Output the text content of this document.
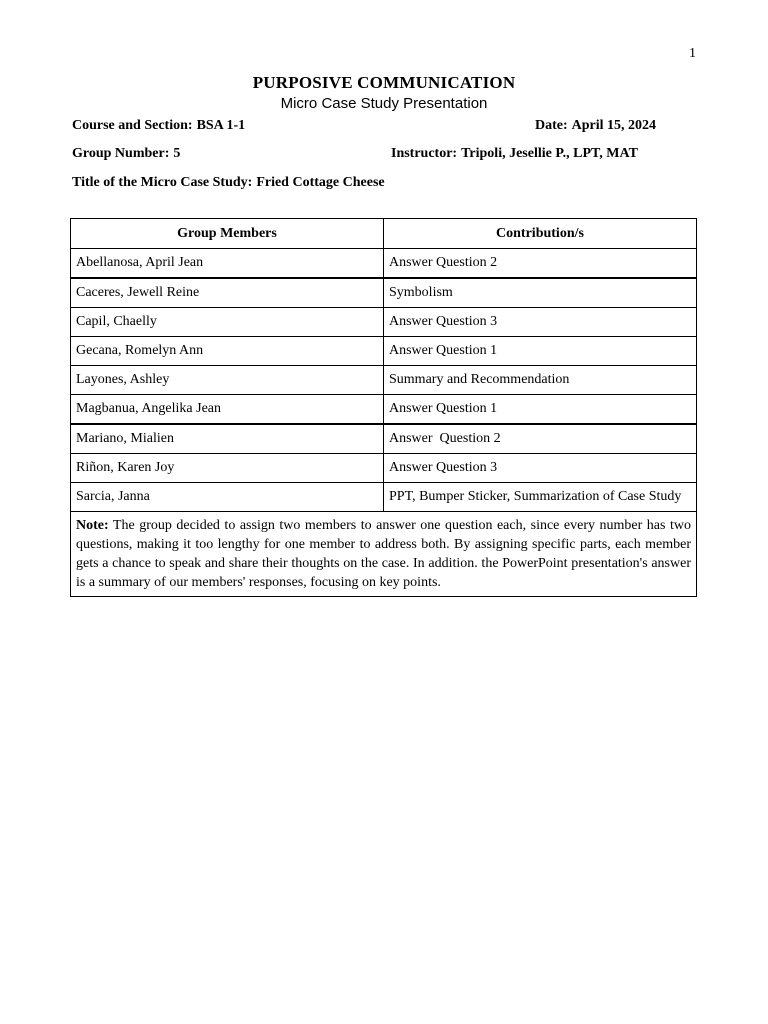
1
PURPOSIVE COMMUNICATION
Micro Case Study Presentation
Course and Section: BSA 1-1	Date: April 15, 2024
Group Number: 5	Instructor: Tripoli, Jesellie P., LPT, MAT
Title of the Micro Case Study: Fried Cottage Cheese
Group Members	Contribution/s
Abellanosa, April Jean	Answer Question 2
Caceres, Jewell Reine	Symbolism
Capil, Chaelly	Answer Question 3
Gecana, Romelyn Ann	Answer Question 1
Layones, Ashley	Summary and Recommendation
Magbanua, Angelika Jean	Answer Question 1
Mariano, Mialien	Answer  Question 2
Riñon, Karen Joy	Answer Question 3
Sarcia, Janna	PPT, Bumper Sticker, Summarization of Case Study
Note: The group decided to assign two members to answer one question each, since every number has two questions, making it too lengthy for one member to address both. By assigning specific parts, each member gets a chance to speak and share their thoughts on the case. In addition. the PowerPoint presentation's answer is a summary of our members' responses, focusing on key points.	
